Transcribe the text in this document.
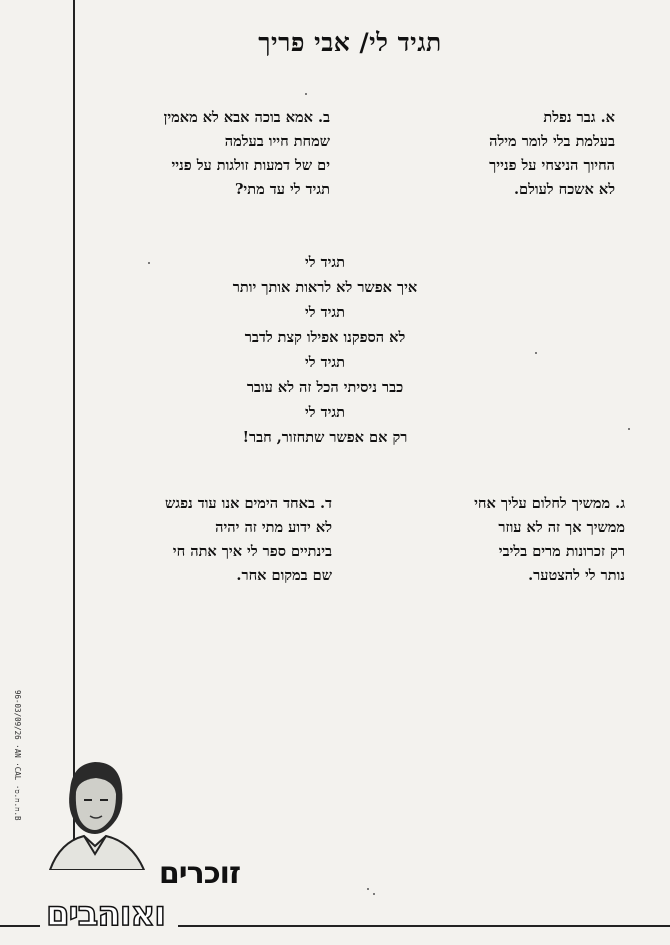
תגיד לי/ אבי פריך

א. גבר נפלת

בעלמת בלי לומר מילה

החיוך הניצחי על פנייך

לא אשכח לעולם.

ב. אמא בוכה אבא לא מאמין

שמחת חייו בעלמה

ים של דמעות זולגות על פניי

תגיד לי עד מתי?

תגיד לי

איך אפשר לא לראות אותך יותר

תגיד לי

לא הספקנו אפילו קצת לדבר

תגיד לי

כבר ניסיתי הכל זה לא עובר

תגיד לי

רק אם אפשר שתחזור, חבר!

ג. ממשיך לחלום עליך אחי

ממשיך אך זה לא עוזר

רק זכרונות מרים בליבי

נותר לי להצטער.

ד. באחד הימים אנו עוד נפגש

לא ידוע מתי זה יהיה

בינתיים ספר לי איך אתה חי

שם במקום אחר.

96-03/09/26 ·AN ·CAL ·ח.ח.ס.B
זוכרים
ואוהבים
